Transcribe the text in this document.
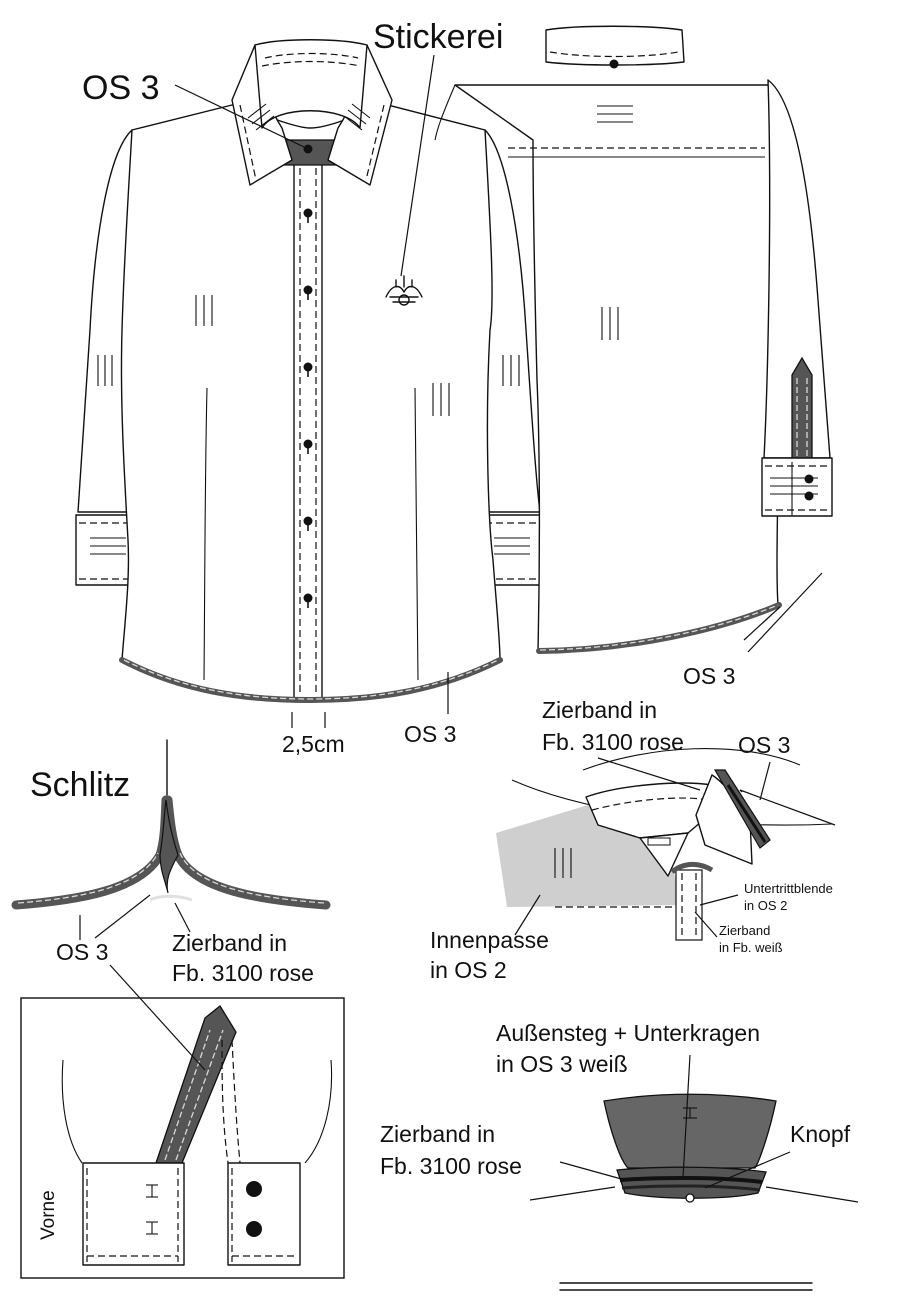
Stickerei
OS 3
2,5cm	OS 3
OS 3
Schlitz
OS 3	Zierband in
Fb. 3100 rose
Vorne
Zierband in
Fb. 3100 rose OS 3
Untertrittblende
in OS 2
Zierband
in Fb. weiß
Innenpasse
in OS 2
Außensteg + Unterkragen
in OS 3 weiß
Knopf
Zierband in
Fb. 3100 rose
